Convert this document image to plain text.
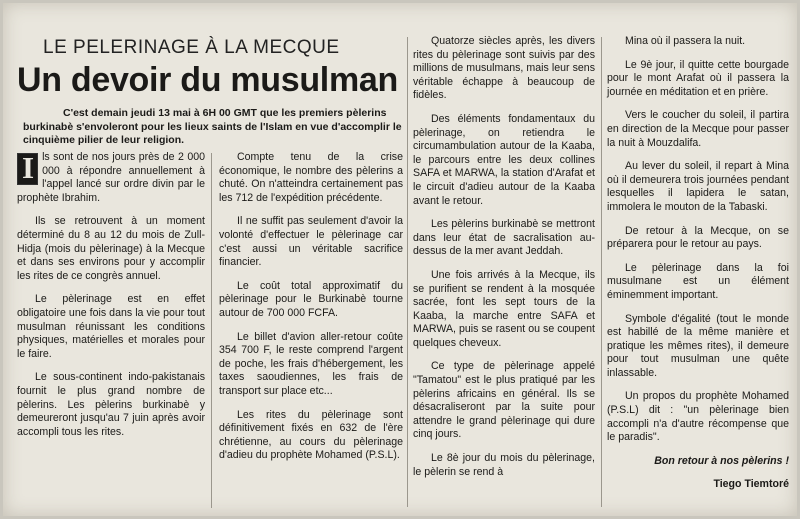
LE PELERINAGE À LA MECQUE
Un devoir du musulman
C'est demain jeudi 13 mai à 6H 00 GMT que les premiers pèlerins burkinabè s'envoleront pour les lieux saints de l'Islam en vue d'accomplir le cinquième pilier de leur religion.

I ls sont de nos jours près de 2 000 000 à répondre annuellement à l'appel lancé sur ordre divin par le prophète Ibrahim.

Ils se retrouvent à un moment déterminé du 8 au 12 du mois de Zull-Hidja (mois du pèlerinage) à la Mecque et dans ses environs pour y accomplir les rites de ce congrès annuel.

Le pèlerinage est en effet obligatoire une fois dans la vie pour tout musulman réunissant les conditions physiques, matérielles et morales pour le faire.

Le sous-continent indo-pakistanais fournit le plus grand nombre de pèlerins. Les pèlerins burkinabè y demeureront jusqu'au 7 juin après avoir accompli tous les rites.

Compte tenu de la crise économique, le nombre des pèlerins a chuté. On n'atteindra certainement pas les 712 de l'expédition précédente.

Il ne suffit pas seulement d'avoir la volonté d'effectuer le pèlerinage car c'est aussi un véritable sacrifice financier.

Le coût total approximatif du pèlerinage pour le Burkinabè tourne autour de 700 000 FCFA.

Le billet d'avion aller-retour coûte 354 700 F, le reste comprend l'argent de poche, les frais d'hébergement, les taxes saoudiennes, les frais de transport sur place etc...

Les rites du pèlerinage sont définitivement fixés en 632 de l'ère chrétienne, au cours du pèlerinage d'adieu du prophète Mohamed (P.S.L).

Quatorze siècles après, les divers rites du pèlerinage sont suivis par des millions de musulmans, mais leur sens véritable échappe à beaucoup de fidèles.

Des éléments fondamentaux du pèlerinage, on retiendra le circumambulation autour de la Kaaba, le parcours entre les deux collines SAFA et MARWA, la station d'Arafat et le circuit d'adieu autour de la Kaaba avant le retour.

Les pèlerins burkinabè se mettront dans leur état de sacralisation au-dessus de la mer avant Jeddah.

Une fois arrivés à la Mecque, ils se purifient se rendent à la mosquée sacrée, font les sept tours de la Kaaba, la marche entre SAFA et MARWA, puis se rasent ou se coupent quelques cheveux.

Ce type de pèlerinage appelé "Tamatou" est le plus pratiqué par les pèlerins africains en général. Ils se désacraliseront par la suite pour attendre le grand pèlerinage qui dure cinq jours.

Le 8è jour du mois du pèlerinage, le pèlerin se rend à

Mina où il passera la nuit.

Le 9è jour, il quitte cette bourgade pour le mont Arafat où il passera la journée en méditation et en prière.

Vers le coucher du soleil, il partira en direction de la Mecque pour passer la nuit à Mouzdalifa.

Au lever du soleil, il repart à Mina où il demeurera trois journées pendant lesquelles il lapidera le satan, immolera le mouton de la Tabaski.

De retour à la Mecque, on se préparera pour le retour au pays.

Le pèlerinage dans la foi musulmane est un élément éminemment important.

Symbole d'égalité (tout le monde est habillé de la même manière et pratique les mêmes rites), il demeure pour tout musulman une quête inlassable.

Un propos du prophète Mohamed (P.S.L) dit : "un pèlerinage bien accompli n'a d'autre récompense que le paradis".

Bon retour à nos pèlerins !

Tiego Tiemtoré
